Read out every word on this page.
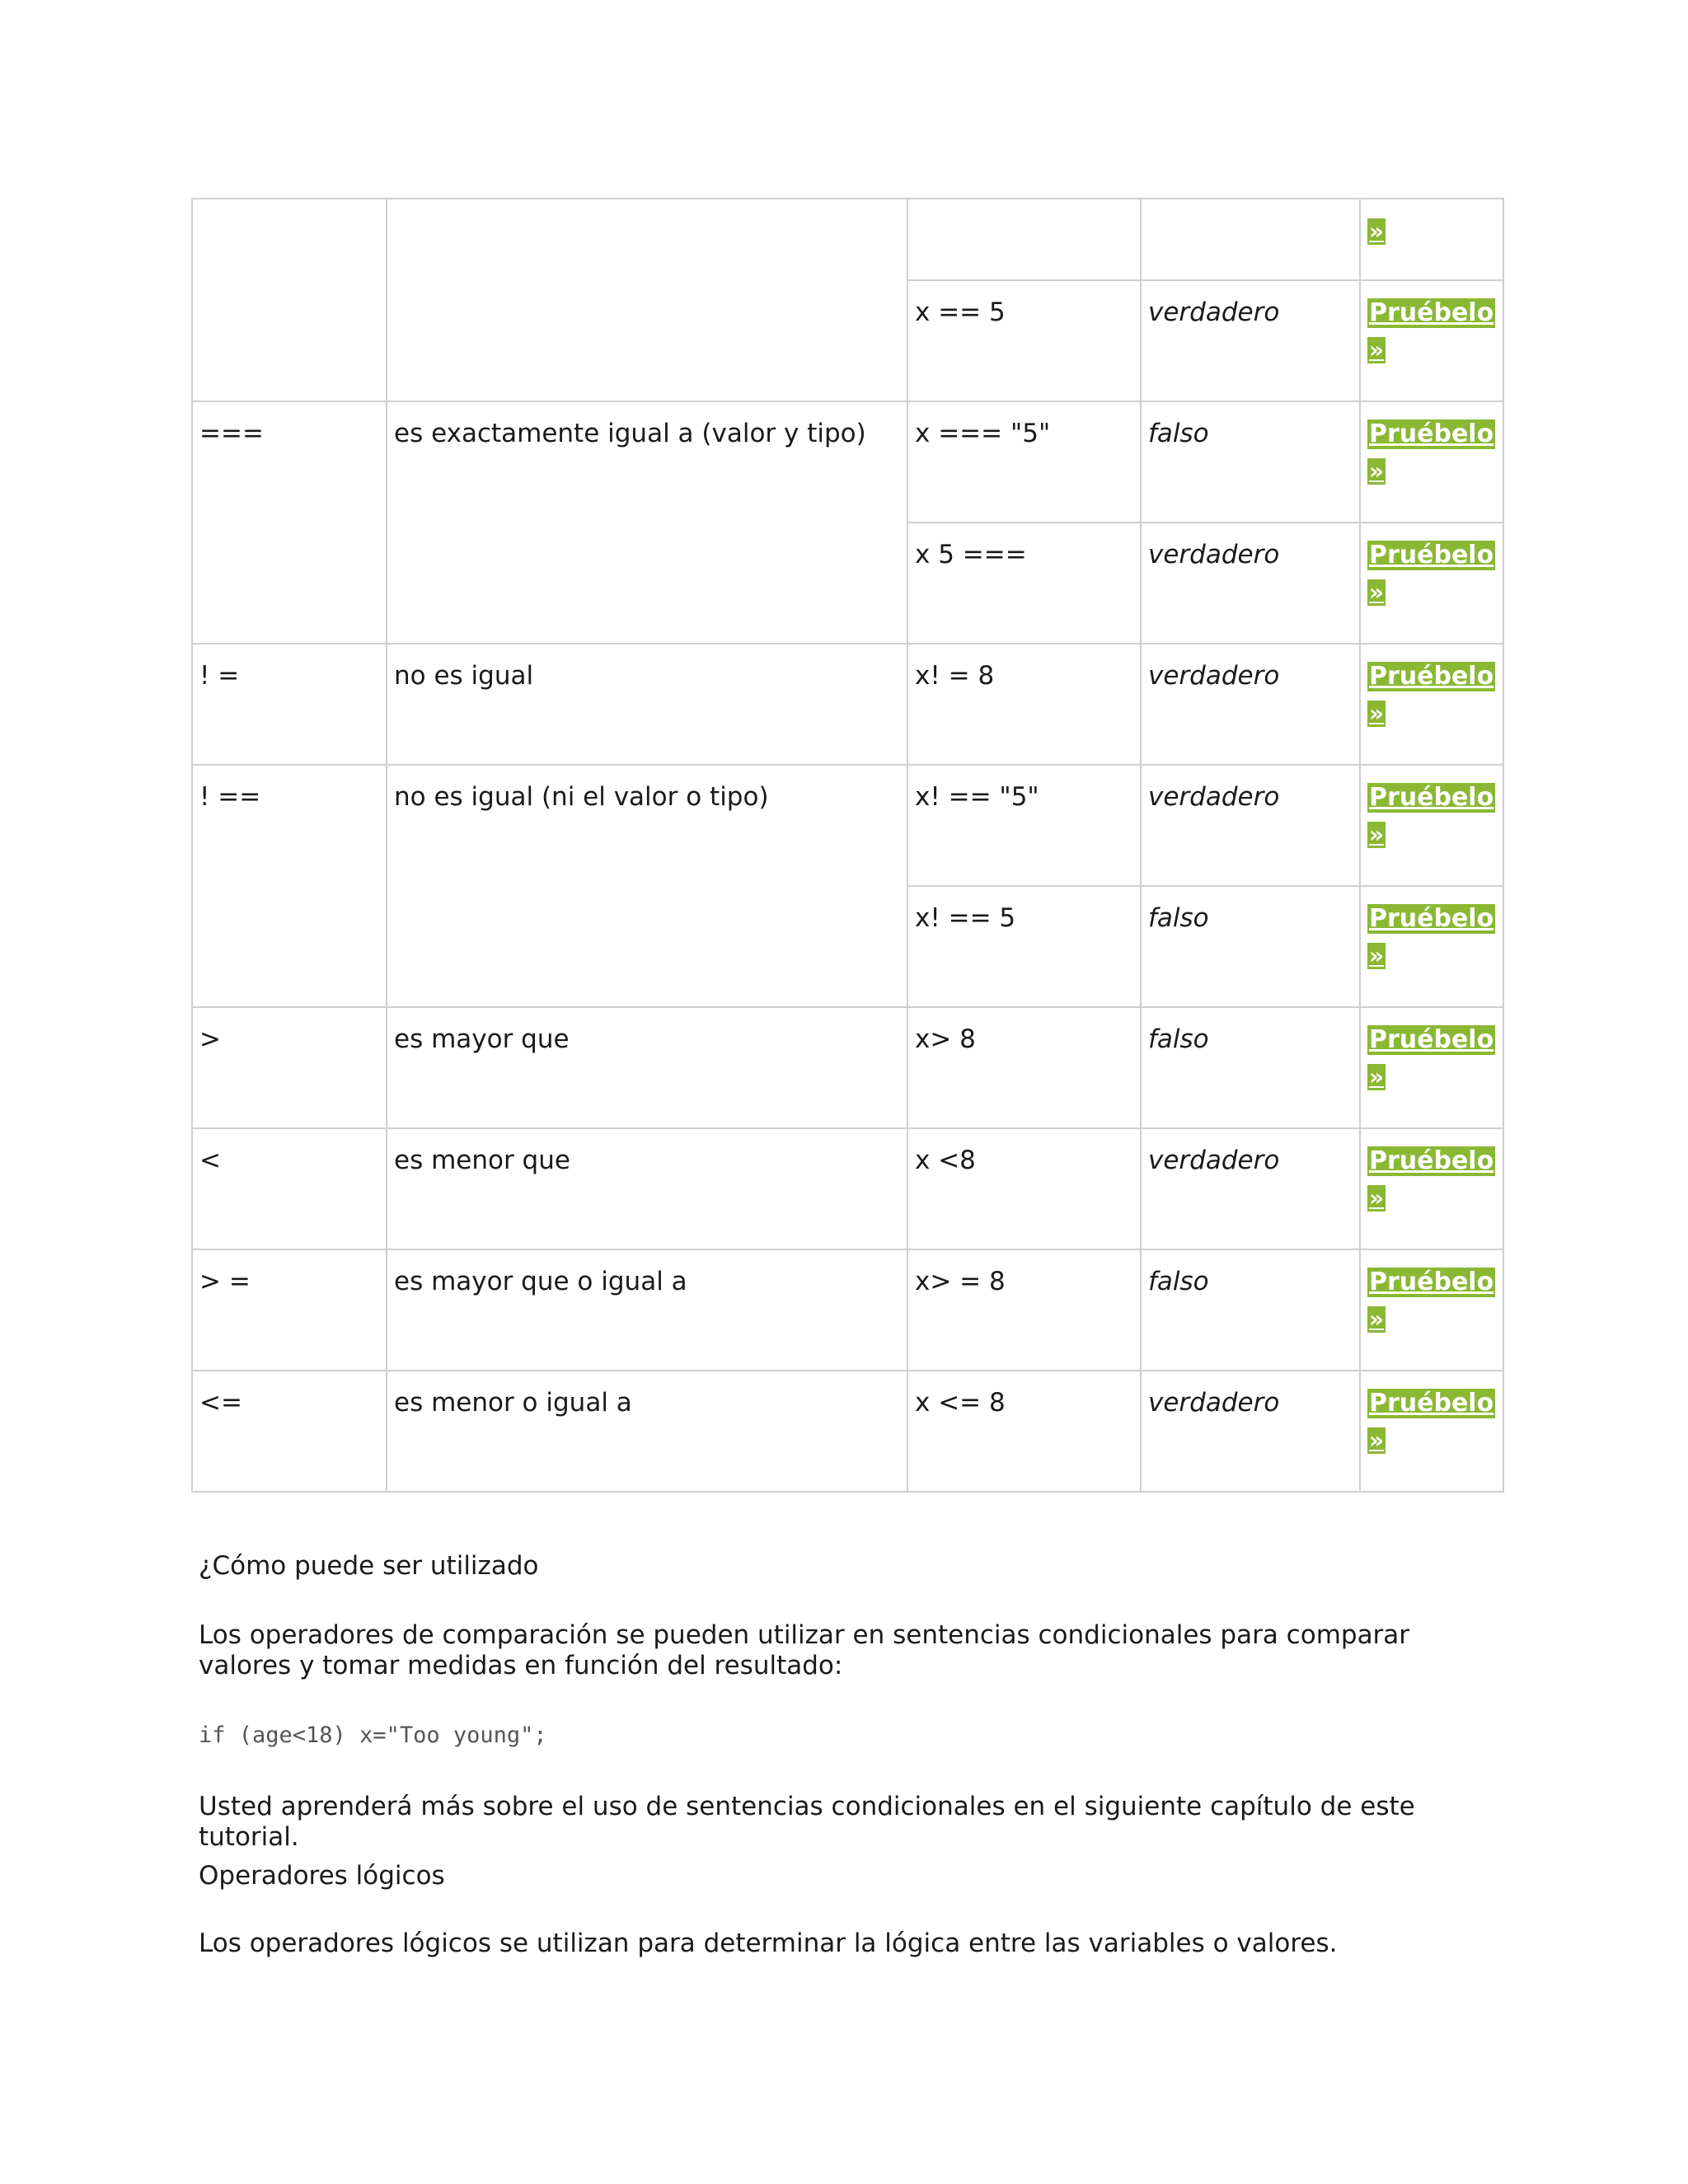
				»
		x == 5	verdadero	Pruébelo
»
===	es exactamente igual a (valor y tipo)	x === "5"	falso	Pruébelo
»
		x 5 ===	verdadero	Pruébelo
»
! =	no es igual	x! = 8	verdadero	Pruébelo
»
! ==	no es igual (ni el valor o tipo)	x! == "5"	verdadero	Pruébelo
»
		x! == 5	falso	Pruébelo
»
>	es mayor que	x> 8	falso	Pruébelo
»
<	es menor que	x <8	verdadero	Pruébelo
»
> =	es mayor que o igual a	x> = 8	falso	Pruébelo
»
<=	es menor o igual a	x <= 8	verdadero	Pruébelo
»

¿Cómo puede ser utilizado

Los operadores de comparación se pueden utilizar en sentencias condicionales para comparar valores y tomar medidas en función del resultado:

if (age<18) x="Too young";

Usted aprenderá más sobre el uso de sentencias condicionales en el siguiente capítulo de este tutorial.

Operadores lógicos

Los operadores lógicos se utilizan para determinar la lógica entre las variables o valores.
